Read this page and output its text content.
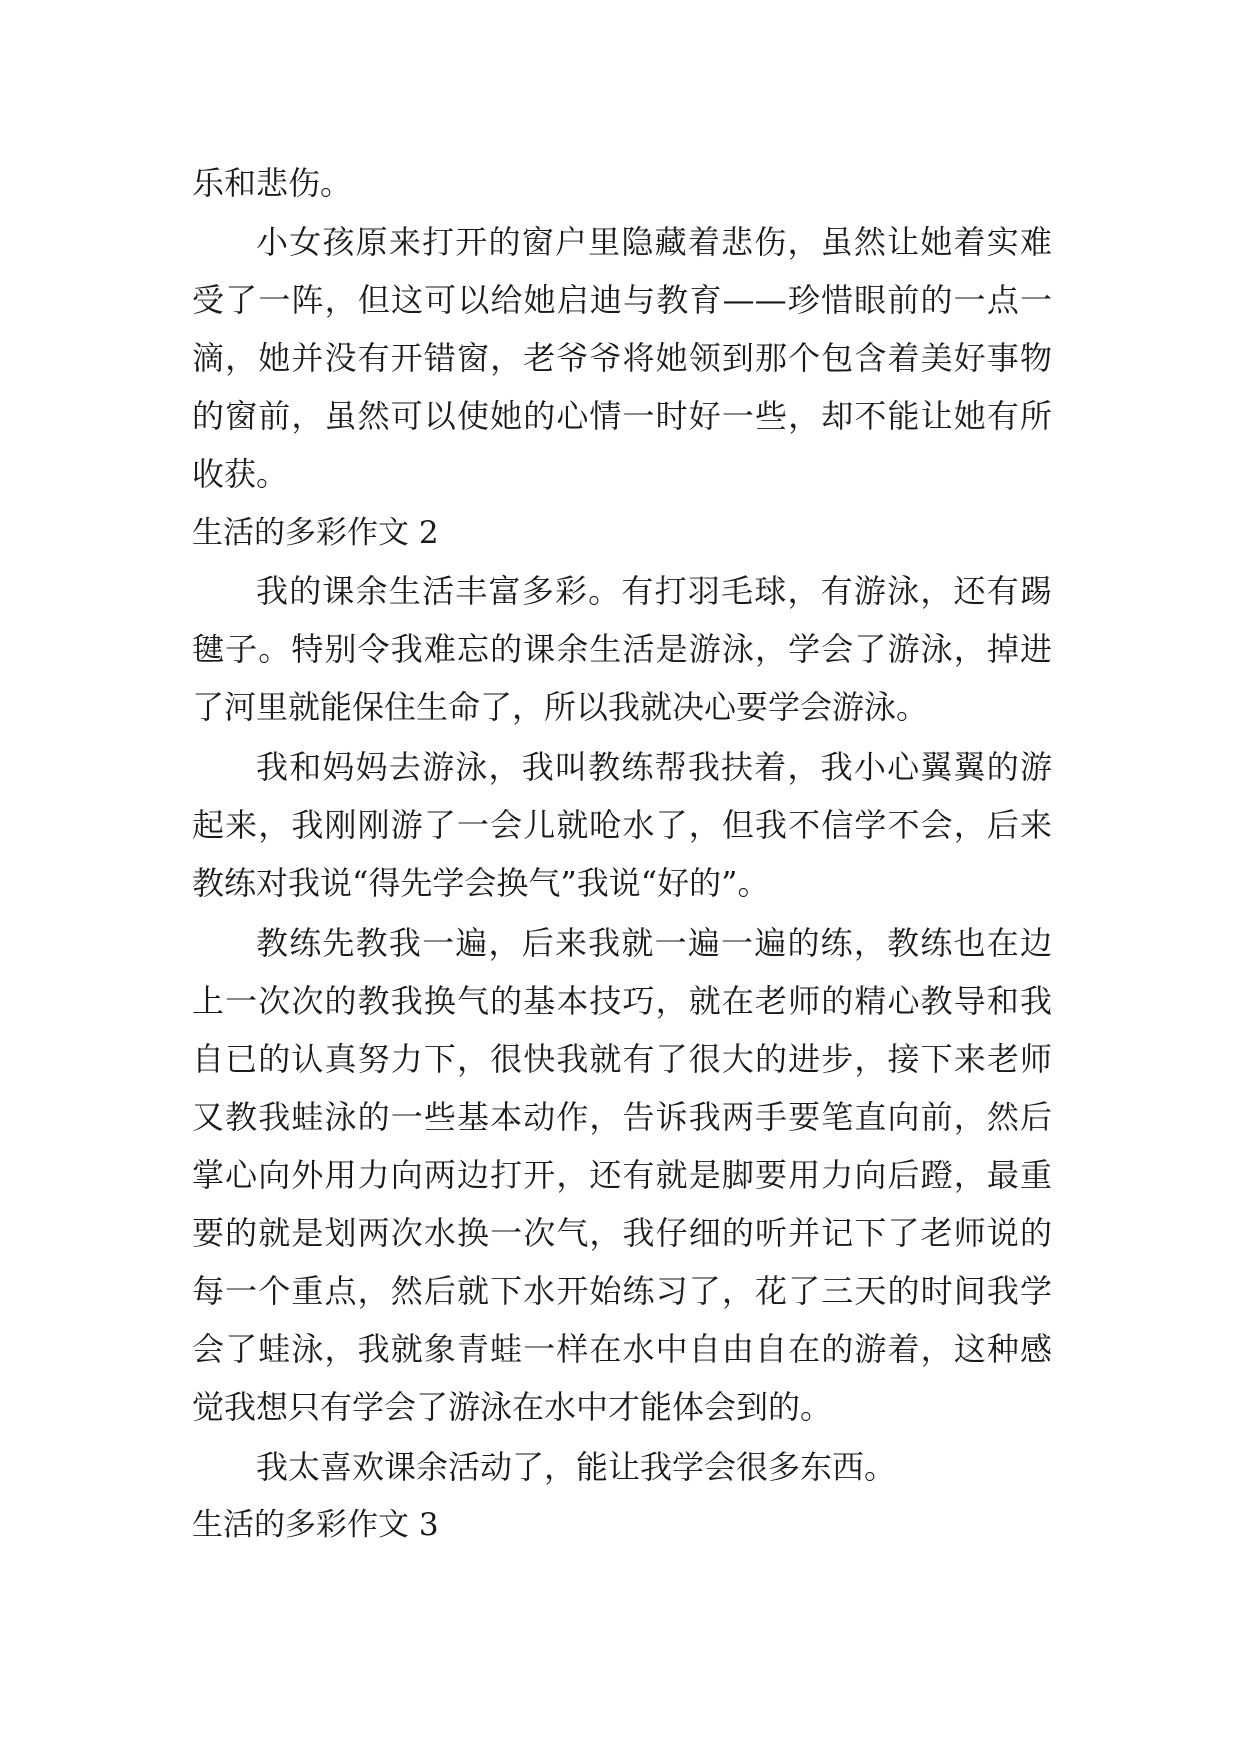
乐和悲伤。
小女孩原来打开的窗户里隐藏着悲伤，虽然让她着实难
受了一阵，但这可以给她启迪与教育——珍惜眼前的一点一
滴，她并没有开错窗，老爷爷将她领到那个包含着美好事物
的窗前，虽然可以使她的心情一时好一些，却不能让她有所
收获。
生活的多彩作文 2
我的课余生活丰富多彩。有打羽毛球，有游泳，还有踢
毽子。特别令我难忘的课余生活是游泳，学会了游泳，掉进
了河里就能保住生命了，所以我就决心要学会游泳。
我和妈妈去游泳，我叫教练帮我扶着，我小心翼翼的游
起来，我刚刚游了一会儿就呛水了，但我不信学不会，后来
教练对我说“得先学会换气”我说“好的”。
教练先教我一遍，后来我就一遍一遍的练，教练也在边
上一次次的教我换气的基本技巧，就在老师的精心教导和我
自已的认真努力下，很快我就有了很大的进步，接下来老师
又教我蛙泳的一些基本动作，告诉我两手要笔直向前，然后
掌心向外用力向两边打开，还有就是脚要用力向后蹬，最重
要的就是划两次水换一次气，我仔细的听并记下了老师说的
每一个重点，然后就下水开始练习了，花了三天的时间我学
会了蛙泳，我就象青蛙一样在水中自由自在的游着，这种感
觉我想只有学会了游泳在水中才能体会到的。
我太喜欢课余活动了，能让我学会很多东西。
生活的多彩作文 3
